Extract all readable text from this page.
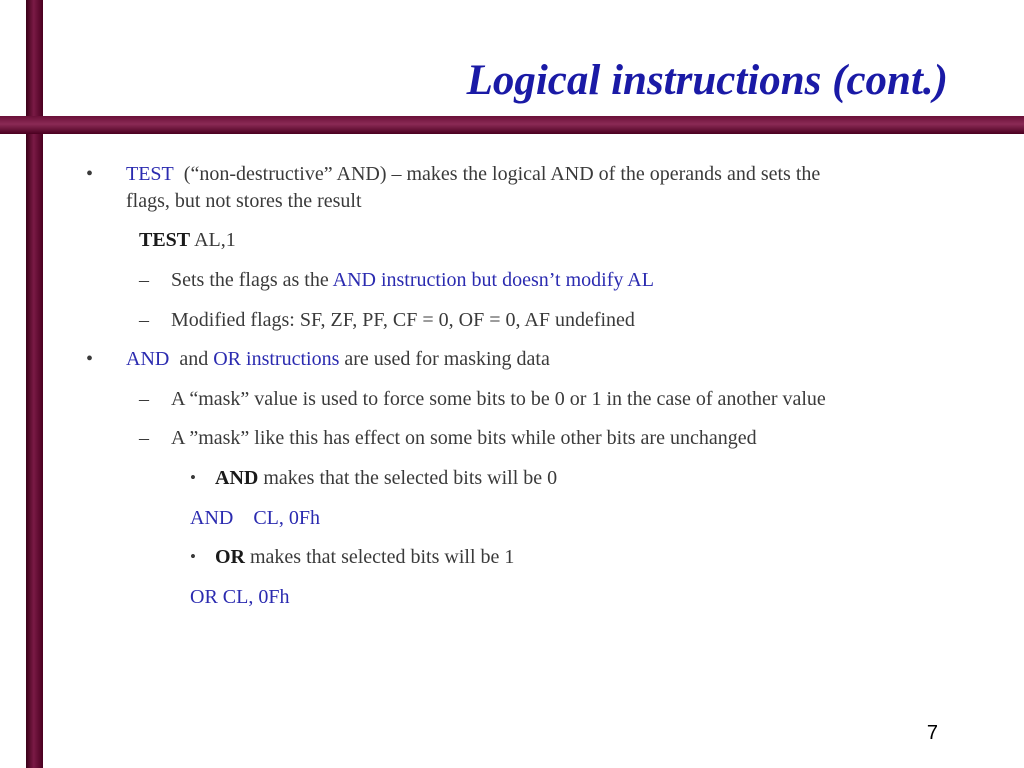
Logical instructions (cont.)
• TEST (“non-destructive” AND) – makes the logical AND of the operands and sets the
flags, but not stores the result
TEST AL,1
– Sets the flags as the AND instruction but doesn’t modify AL
– Modified flags: SF, ZF, PF, CF = 0, OF = 0, AF undefined
• AND and OR instructions are used for masking data
– A “mask” value is used to force some bits to be 0 or 1 in the case of another value
– A ”mask” like this has effect on some bits while other bits are unchanged
• AND makes that the selected bits will be 0
AND CL, 0Fh
• OR makes that selected bits will be 1
OR CL, 0Fh
7
